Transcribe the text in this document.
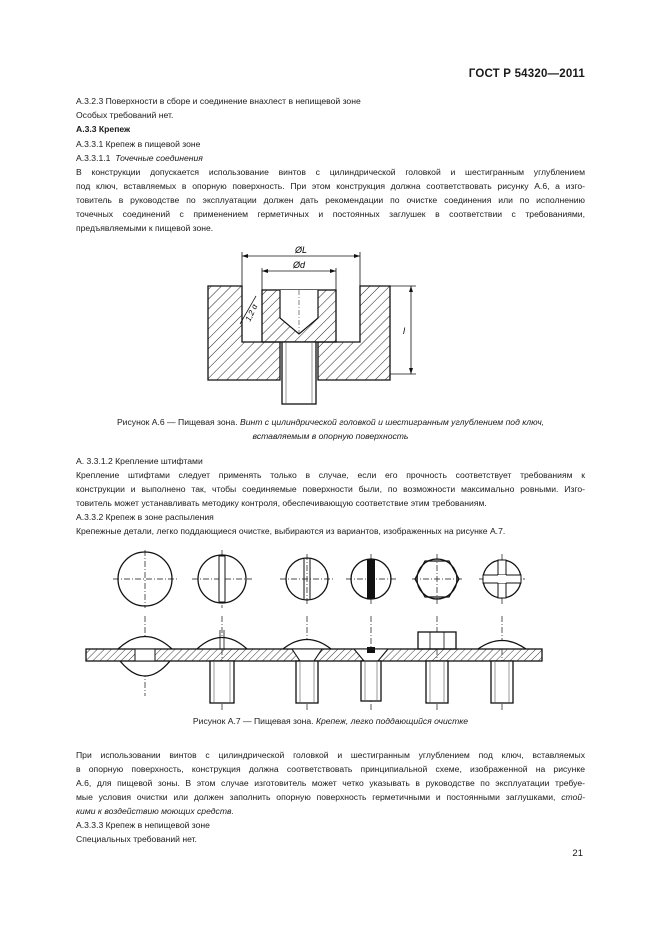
ГОСТ Р 54320—2011
А.3.2.3 Поверхности в сборе и соединение внахлест в непищевой зоне
Особых требований нет.
А.3.3 Крепеж
А.3.3.1 Крепеж в пищевой зоне
А.3.3.1.1 Точечные соединения
В конструкции допускается использование винтов с цилиндрической головкой и шестигранным углублением
под ключ, вставляемых в опорную поверхность. При этом конструкция должна соответствовать рисунку А.6, а изго-
товитель в руководстве по эксплуатации должен дать рекомендации по очистке соединения или по исполнению
точечных соединений с применением герметичных и постоянных заглушек в соответствии с требованиями,
предъявляемыми к пищевой зоне.
ØL
Ød
l
1,2 α
Рисунок А.6 — Пищевая зона. Винт с цилиндрической головкой и шестигранным углублением под ключ,
вставляемым в опорную поверхность
А. 3.3.1.2 Крепление штифтами
Крепление штифтами следует применять только в случае, если его прочность соответствует требованиям к
конструкции и выполнено так, чтобы соединяемые поверхности были, по возможности максимально ровными. Изго-
товитель может устанавливать методику контроля, обеспечивающую соответствие этим требованиям.
А.3.3.2 Крепеж в зоне распыления
Крепежные детали, легко поддающиеся очистке, выбираются из вариантов, изображенных на рисунке А.7.
Рисунок А.7 — Пищевая зона. Крепеж, легко поддающийся очистке
При использовании винтов с цилиндрической головкой и шестигранным углублением под ключ, вставляемых
в опорную поверхность, конструкция должна соответствовать принципиальной схеме, изображенной на рисунке
А.6, для пищевой зоны. В этом случае изготовитель может четко указывать в руководстве по эксплуатации требуе-
мые условия очистки или должен заполнить опорную поверхность герметичными и постоянными заглушками, стой-
кими к воздействию моющих средств.
А.3.3.3 Крепеж в непищевой зоне
Специальных требований нет.
21
